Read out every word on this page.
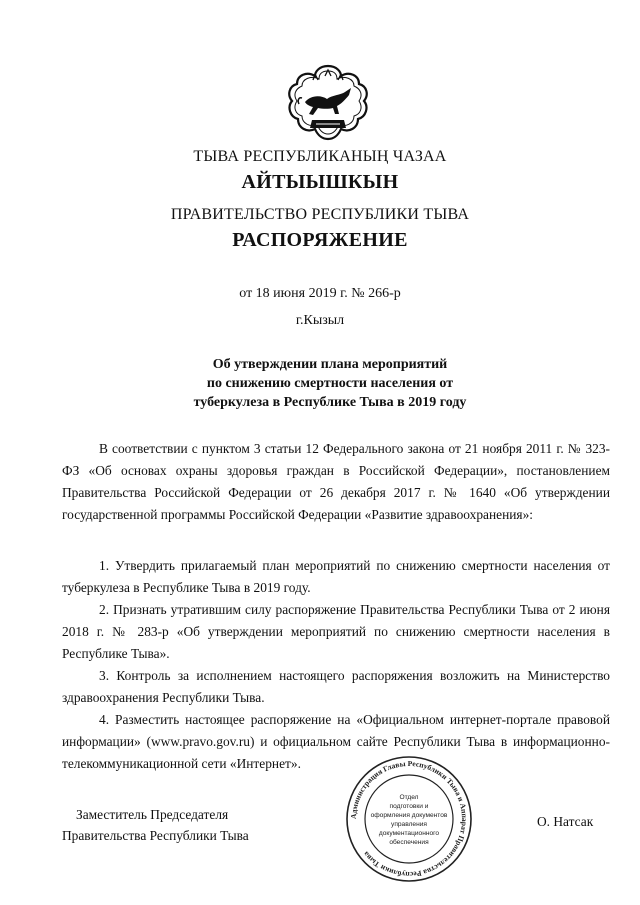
ТЫВА РЕСПУБЛИКАНЫҢ ЧАЗАА
АЙТЫЫШКЫН
ПРАВИТЕЛЬСТВО РЕСПУБЛИКИ ТЫВА
РАСПОРЯЖЕНИЕ
от 18 июня 2019 г. № 266-р
г.Кызыл
Об утверждении плана мероприятий
по снижению смертности населения от
туберкулеза в Республике Тыва в 2019 году

В соответствии с пунктом 3 статьи 12 Федерального закона от 21 ноября 2011 г. № 323-ФЗ «Об основах охраны здоровья граждан в Российской Федерации», постановлением Правительства Российской Федерации от 26 декабря 2017 г. № 1640 «Об утверждении государственной программы Российской Федерации «Развитие здравоохранения»:

1. Утвердить прилагаемый план мероприятий по снижению смертности населения от туберкулеза в Республике Тыва в 2019 году.

2. Признать утратившим силу распоряжение Правительства Республики Тыва от 2 июня 2018 г. № 283-р «Об утверждении мероприятий по снижению смертности населения в Республике Тыва».

3. Контроль за исполнением настоящего распоряжения возложить на Министерство здравоохранения Республики Тыва.

4. Разместить настоящее распоряжение на «Официальном интернет-портале правовой информации» (www.pravo.gov.ru) и официальном сайте Республики Тыва в информационно-телекоммуникационной сети «Интернет».

Заместитель Председателя
Правительства Республики Тыва
О. Натсак
Администрация Главы Республики Тыва и Аппарат Правительства Республики Тыва
Отдел
подготовки и
оформления документов
управления
документационного
обеспечения
